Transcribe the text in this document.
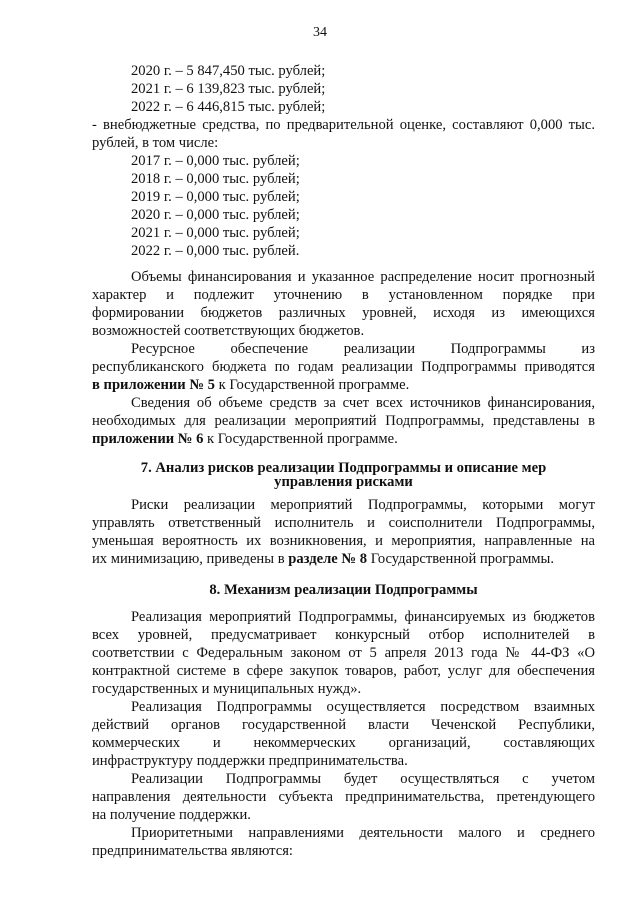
34
2020 г. – 5 847,450 тыс. рублей;
2021 г. – 6 139,823 тыс. рублей;
2022 г. – 6 446,815 тыс. рублей;
- внебюджетные средства, по предварительной оценке, составляют 0,000 тыс.
рублей, в том числе:
2017 г. – 0,000 тыс. рублей;
2018 г. – 0,000 тыс. рублей;
2019 г. – 0,000 тыс. рублей;
2020 г. – 0,000 тыс. рублей;
2021 г. – 0,000 тыс. рублей;
2022 г. – 0,000 тыс. рублей.
Объемы финансирования и указанное распределение носит прогнозный
характер и подлежит уточнению в установленном порядке при
формировании бюджетов различных уровней, исходя из имеющихся
возможностей соответствующих бюджетов.
Ресурсное обеспечение реализации Подпрограммы из
республиканского бюджета по годам реализации Подпрограммы приводятся
в приложении № 5 к Государственной программе.
Сведения об объеме средств за счет всех источников финансирования,
необходимых для реализации мероприятий Подпрограммы, представлены в
приложении № 6 к Государственной программе.
7. Анализ рисков реализации Подпрограммы и описание мер
управления рисками
Риски реализации мероприятий Подпрограммы, которыми могут
управлять ответственный исполнитель и соисполнители Подпрограммы,
уменьшая вероятность их возникновения, и мероприятия, направленные на
их минимизацию, приведены в разделе № 8 Государственной программы.
8. Механизм реализации Подпрограммы
Реализация мероприятий Подпрограммы, финансируемых из бюджетов
всех уровней, предусматривает конкурсный отбор исполнителей в
соответствии с Федеральным законом от 5 апреля 2013 года № 44-ФЗ «О
контрактной системе в сфере закупок товаров, работ, услуг для обеспечения
государственных и муниципальных нужд».
Реализация Подпрограммы осуществляется посредством взаимных
действий органов государственной власти Чеченской Республики,
коммерческих и некоммерческих организаций, составляющих
инфраструктуру поддержки предпринимательства.
Реализации Подпрограммы будет осуществляться с учетом
направления деятельности субъекта предпринимательства, претендующего
на получение поддержки.
Приоритетными направлениями деятельности малого и среднего
предпринимательства являются:
